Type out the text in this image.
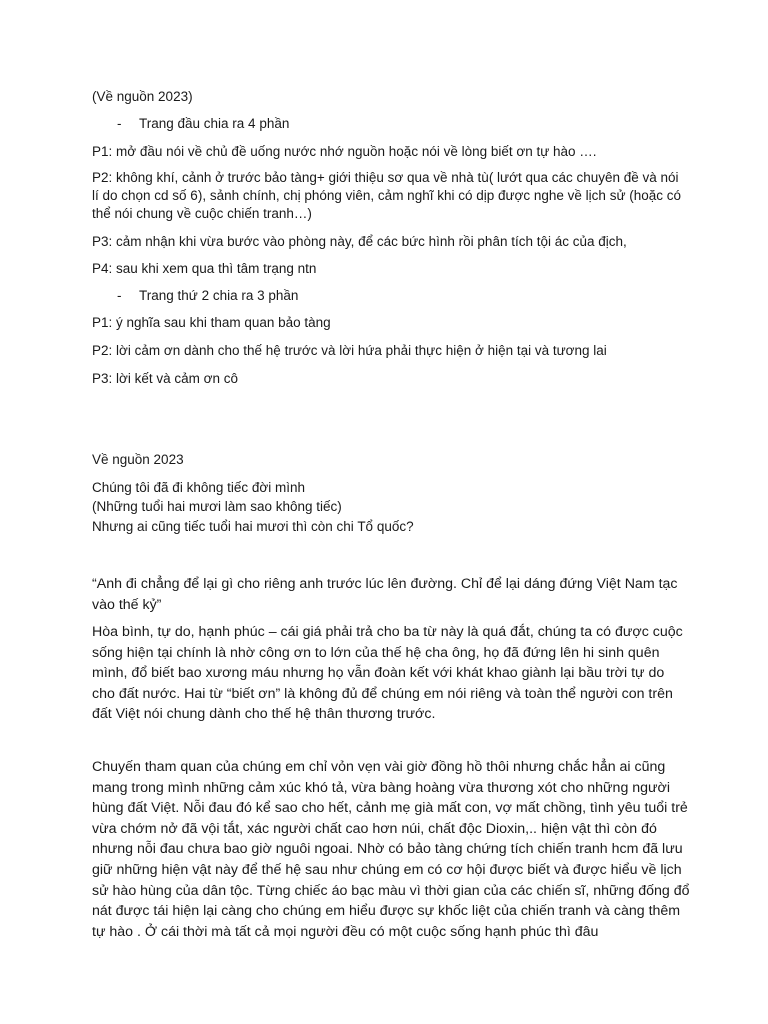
(Về nguồn 2023)
- Trang đầu chia ra 4 phần
P1: mở đầu nói về chủ đề uống nước nhớ nguồn hoặc nói về lòng biết ơn tự hào ….
P2: không khí, cảnh ở trước bảo tàng+ giới thiệu sơ qua về nhà tù( lướt qua các chuyên đề và nói lí do chọn cd số 6), sảnh chính, chị phóng viên, cảm nghĩ khi có dịp được nghe về lịch sử (hoặc có thể nói chung về cuộc chiến tranh…)
P3: cảm nhận khi vừa bước vào phòng này, để các bức hình rồi phân tích tội ác của địch,
P4: sau khi xem qua thì tâm trạng ntn
- Trang thứ 2 chia ra 3 phần
P1: ý nghĩa sau khi tham quan bảo tàng
P2: lời cảm ơn dành cho thế hệ trước và lời hứa phải thực hiện ở hiện tại và tương lai
P3: lời kết và cảm ơn cô
Về nguồn 2023
Chúng tôi đã đi không tiếc đời mình
(Những tuổi hai mươi làm sao không tiếc)
Nhưng ai cũng tiếc tuổi hai mươi thì còn chi Tổ quốc?
“Anh đi chẳng để lại gì cho riêng anh trước lúc lên đường. Chỉ để lại dáng đứng Việt Nam tạc vào thế kỷ”
Hòa bình, tự do, hạnh phúc – cái giá phải trả cho ba từ này là quá đắt, chúng ta có được cuộc sống hiện tại chính là nhờ công ơn to lớn của thế hệ cha ông, họ đã đứng lên hi sinh quên mình, đổ biết bao xương máu nhưng họ vẫn đoàn kết với khát khao giành lại bầu trời tự do cho đất nước. Hai từ “biết ơn” là không đủ để chúng em nói riêng và toàn thể người con trên đất Việt nói chung dành cho thế hệ thân thương trước.
Chuyến tham quan của chúng em chỉ vỏn vẹn vài giờ đồng hồ thôi nhưng chắc hẳn ai cũng mang trong mình những cảm xúc khó tả, vừa bàng hoàng vừa thương xót cho những người hùng đất Việt. Nỗi đau đó kể sao cho hết, cảnh mẹ già mất con, vợ mất chồng, tình yêu tuổi trẻ vừa chớm nở đã vội tắt, xác người chất cao hơn núi, chất độc Dioxin,.. hiện vật thì còn đó nhưng nỗi đau chưa bao giờ nguôi ngoai. Nhờ có bảo tàng chứng tích chiến tranh hcm đã lưu giữ những hiện vật này để thế hệ sau như chúng em có cơ hội được biết và được hiểu về lịch sử hào hùng của dân tộc. Từng chiếc áo bạc màu vì thời gian của các chiến sĩ, những đống đổ nát được tái hiện lại càng cho chúng em hiểu được sự khốc liệt của chiến tranh và càng thêm tự hào . Ở cái thời mà tất cả mọi người đều có một cuộc sống hạnh phúc thì đâu
